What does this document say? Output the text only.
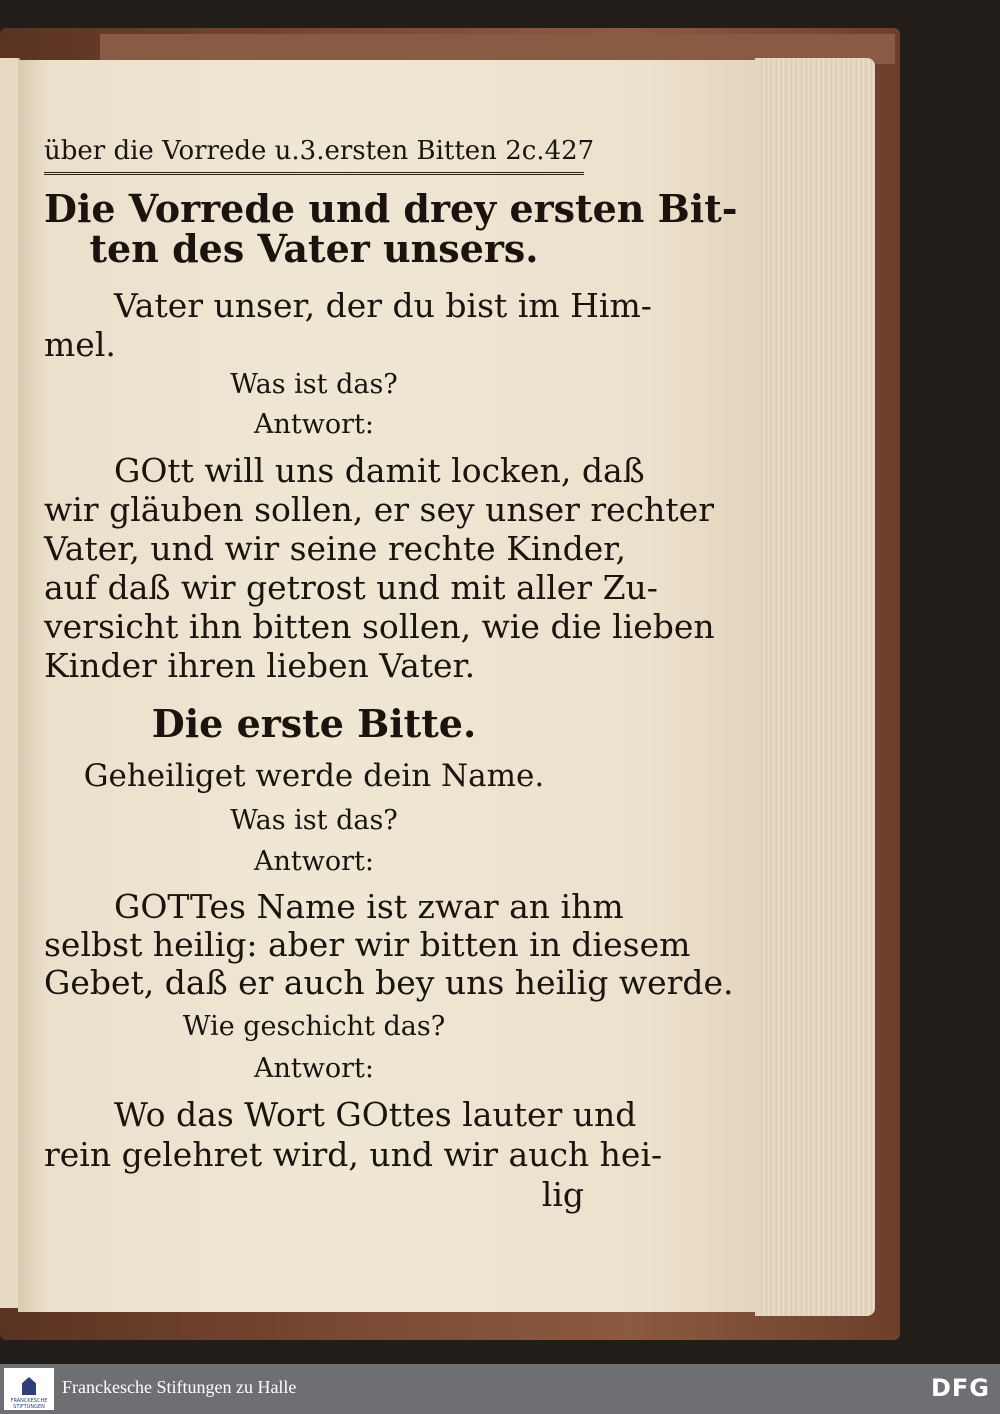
über die Vorrede u.3.ersten Bitten 2c. 427
Die Vorrede und drey ersten Bit-
ten des Vater unsers.
Vater unser, der du bist im Him-
mel.
Was ist das?
Antwort:
GOtt will uns damit locken, daß
wir gläuben sollen, er sey unser rechter
Vater, und wir seine rechte Kinder,
auf daß wir getrost und mit aller Zu-
versicht ihn bitten sollen, wie die lieben
Kinder ihren lieben Vater.
Die erste Bitte.
Geheiliget werde dein Name.
Was ist das?
Antwort:
GOTTes Name ist zwar an ihm
selbst heilig: aber wir bitten in diesem
Gebet, daß er auch bey uns heilig werde.
Wie geschicht das?
Antwort:
Wo das Wort GOttes lauter und
rein gelehret wird, und wir auch hei-
lig
FRANCKESCHE STIFTUNGEN
Franckesche Stiftungen zu Halle	DFG
